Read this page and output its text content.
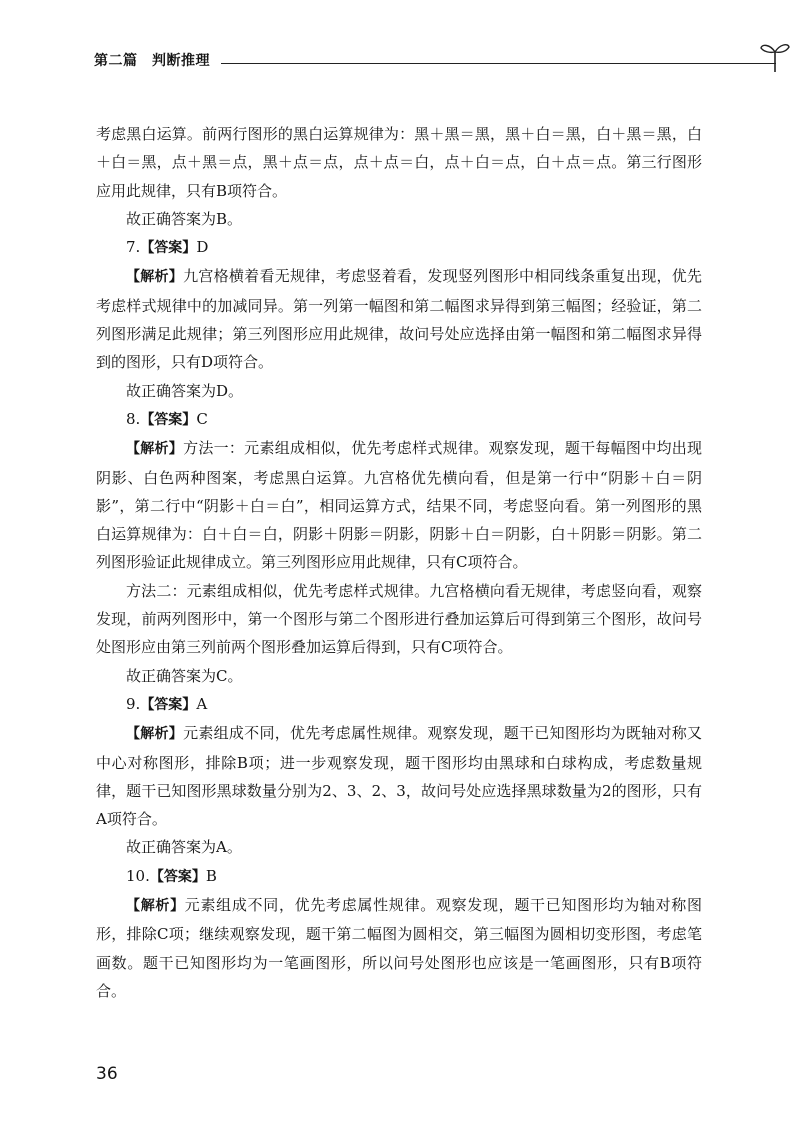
第二篇　判断推理

考虑黑白运算。前两行图形的黑白运算规律为：黑＋黑＝黑，黑＋白＝黑，白＋黑＝黑，白＋白＝黑，点＋黑＝点，黑＋点＝点，点＋点＝白，点＋白＝点，白＋点＝点。第三行图形应用此规律，只有B项符合。

故正确答案为B。

7.【答案】D

【解析】九宫格横着看无规律，考虑竖着看，发现竖列图形中相同线条重复出现，优先考虑样式规律中的加减同异。第一列第一幅图和第二幅图求异得到第三幅图；经验证，第二列图形满足此规律；第三列图形应用此规律，故问号处应选择由第一幅图和第二幅图求异得到的图形，只有D项符合。

故正确答案为D。

8.【答案】C

【解析】方法一：元素组成相似，优先考虑样式规律。观察发现，题干每幅图中均出现阴影、白色两种图案，考虑黑白运算。九宫格优先横向看，但是第一行中“阴影＋白＝阴影”，第二行中“阴影＋白＝白”，相同运算方式，结果不同，考虑竖向看。第一列图形的黑白运算规律为：白＋白＝白，阴影＋阴影＝阴影，阴影＋白＝阴影，白＋阴影＝阴影。第二列图形验证此规律成立。第三列图形应用此规律，只有C项符合。

方法二：元素组成相似，优先考虑样式规律。九宫格横向看无规律，考虑竖向看，观察发现，前两列图形中，第一个图形与第二个图形进行叠加运算后可得到第三个图形，故问号处图形应由第三列前两个图形叠加运算后得到，只有C项符合。

故正确答案为C。

9.【答案】A

【解析】元素组成不同，优先考虑属性规律。观察发现，题干已知图形均为既轴对称又中心对称图形，排除B项；进一步观察发现，题干图形均由黑球和白球构成，考虑数量规律，题干已知图形黑球数量分别为2、3、2、3，故问号处应选择黑球数量为2的图形，只有A项符合。

故正确答案为A。

10.【答案】B

【解析】元素组成不同，优先考虑属性规律。观察发现，题干已知图形均为轴对称图形，排除C项；继续观察发现，题干第二幅图为圆相交，第三幅图为圆相切变形图，考虑笔画数。题干已知图形均为一笔画图形，所以问号处图形也应该是一笔画图形，只有B项符合。

36
